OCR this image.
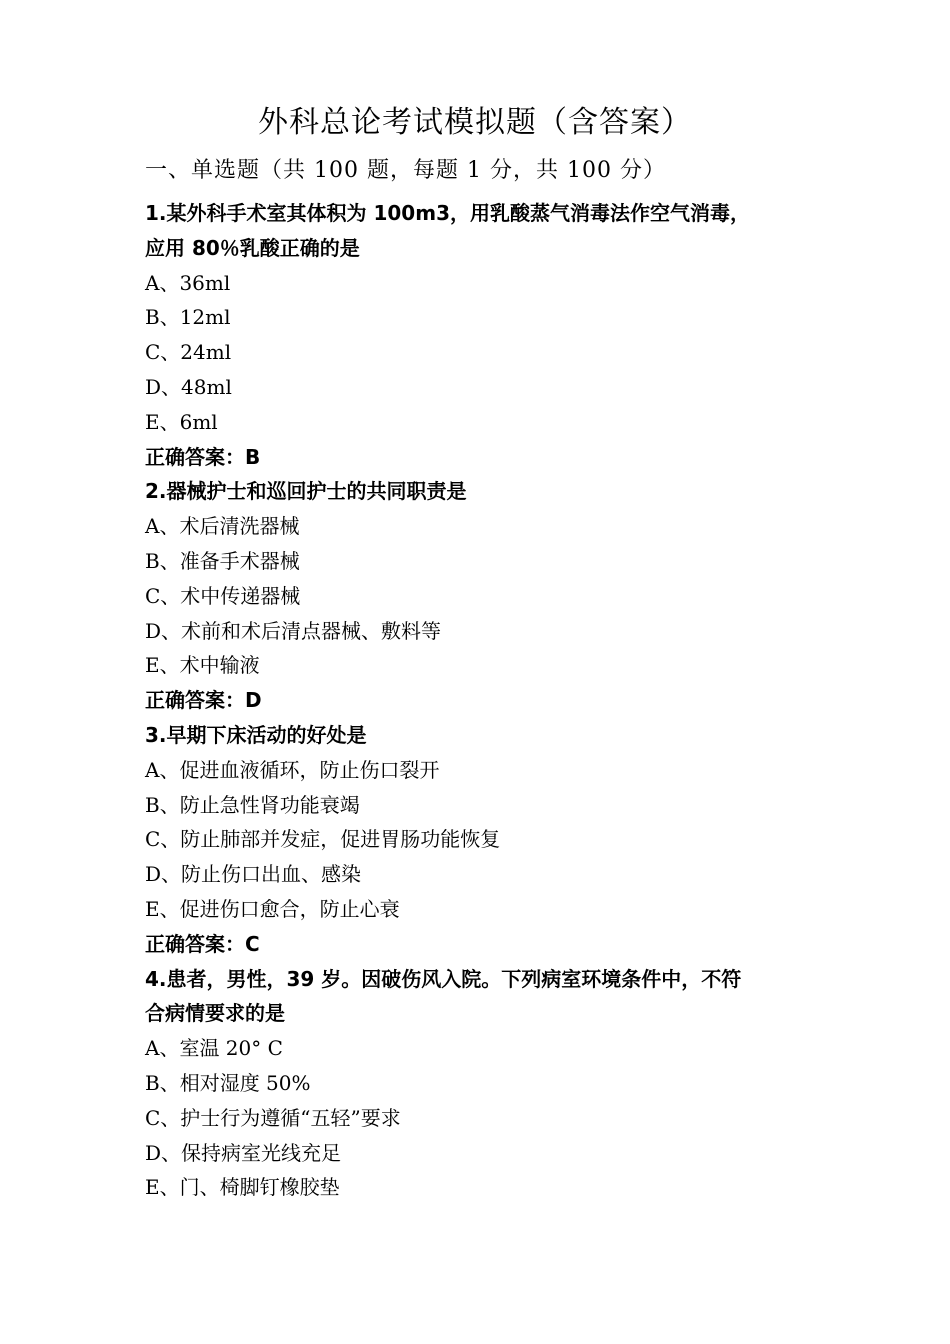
外科总论考试模拟题（含答案）
一、单选题（共 100 题，每题 1 分，共 100 分）
1.某外科手术室其体积为 100m3，用乳酸蒸气消毒法作空气消毒，
应用 80％乳酸正确的是
A、36ml
B、12ml
C、24ml
D、48ml
E、6ml
正确答案：B
2.器械护士和巡回护士的共同职责是
A、术后清洗器械
B、准备手术器械
C、术中传递器械
D、术前和术后清点器械、敷料等
E、术中输液
正确答案：D
3.早期下床活动的好处是
A、促进血液循环，防止伤口裂开
B、防止急性肾功能衰竭
C、防止肺部并发症，促进胃肠功能恢复
D、防止伤口出血、感染
E、促进伤口愈合，防止心衰
正确答案：C
4.患者，男性，39 岁。因破伤风入院。下列病室环境条件中，不符
合病情要求的是
A、室温 20° C
B、相对湿度 50%
C、护士行为遵循“五轻”要求
D、保持病室光线充足
E、门、椅脚钉橡胶垫
